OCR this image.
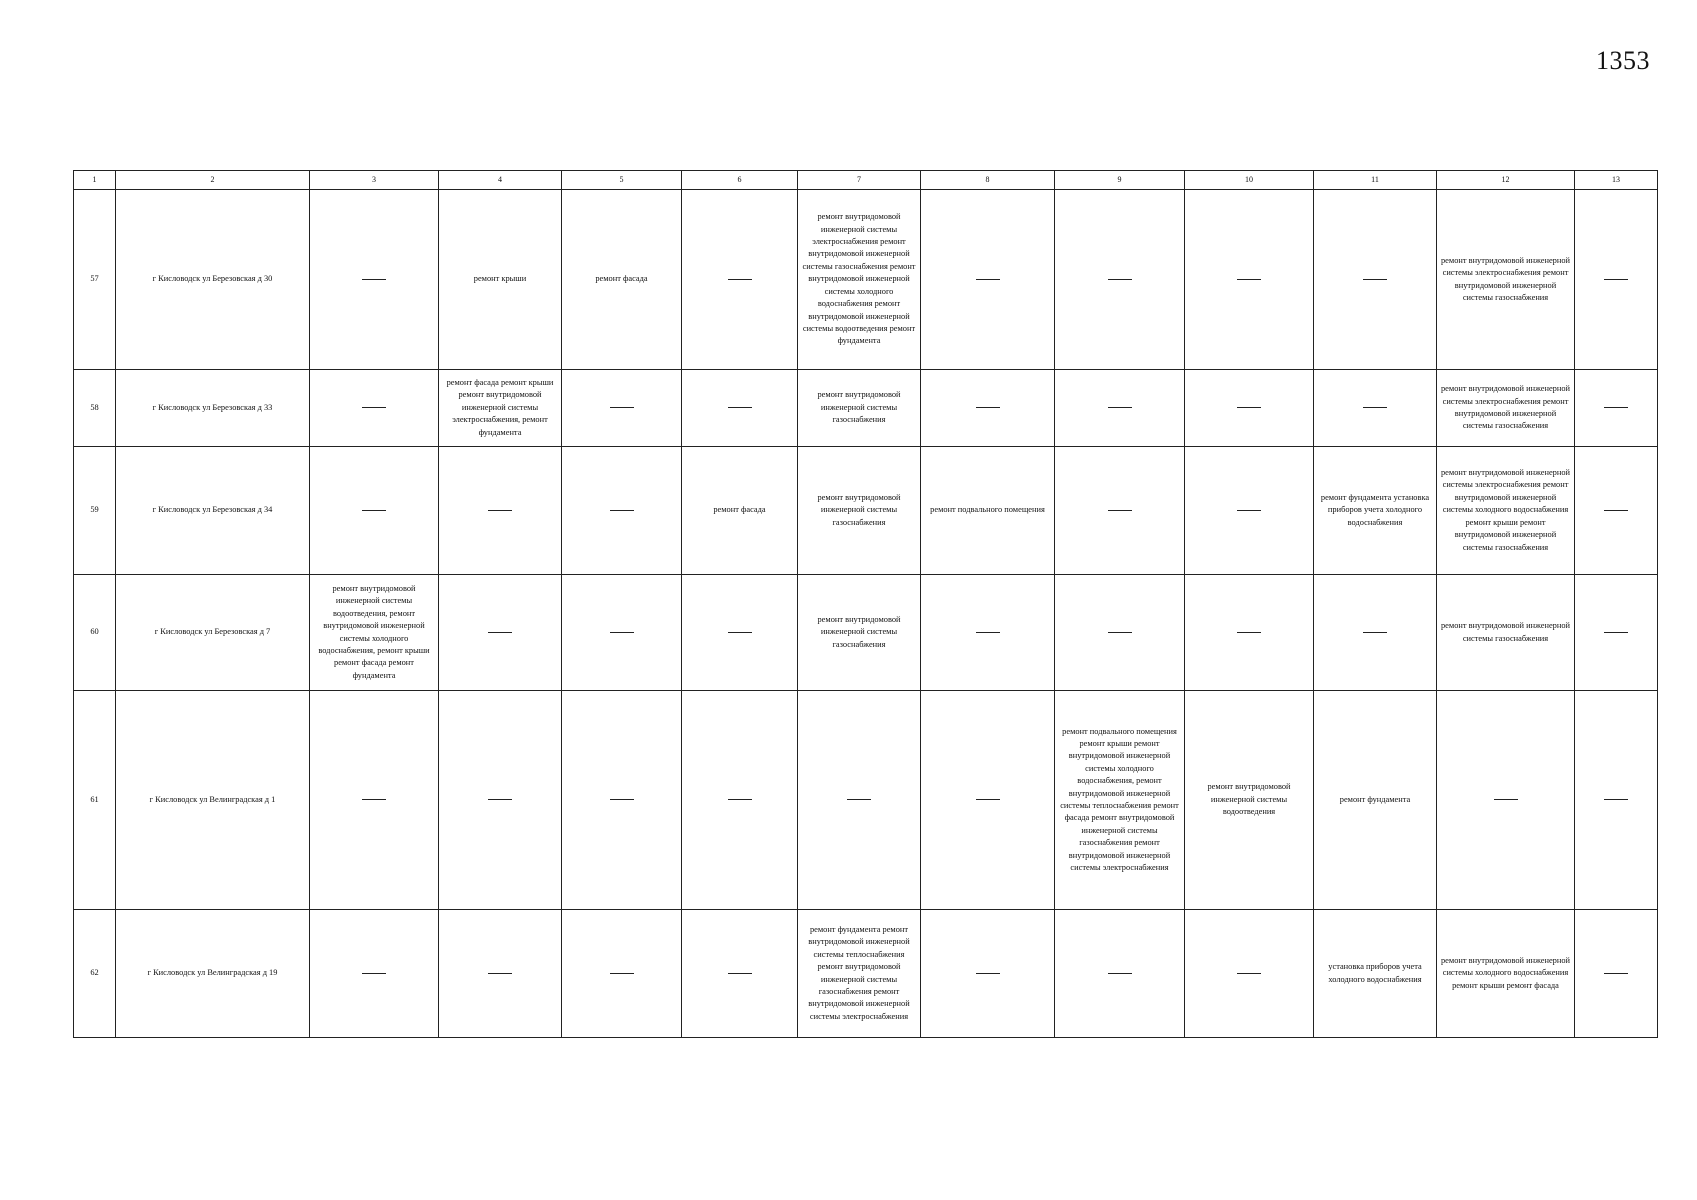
1353
1	2	3	4	5	6	7	8	9	10	11	12	13
57	г Кисловодск ул Березовская д 30		ремонт крыши	ремонт фасада		ремонт внутридомовой инженерной системы электроснабжения ремонт внутридомовой инженерной системы газоснабжения ремонт внутридомовой инженерной системы холодного водоснабжения ремонт внутридомовой инженерной системы водоотведения ремонт фундамента					ремонт внутридомовой инженерной системы электроснабжения ремонт внутридомовой инженерной системы газоснабжения	
58	г Кисловодск ул Березовская д 33		ремонт фасада ремонт крыши ремонт внутридомовой инженерной системы электроснабжения, ремонт фундамента			ремонт внутридомовой инженерной системы газоснабжения					ремонт внутридомовой инженерной системы электроснабжения ремонт внутридомовой инженерной системы газоснабжения	
59	г Кисловодск ул Березовская д 34				ремонт фасада	ремонт внутридомовой инженерной системы газоснабжения	ремонт подвального помещения			ремонт фундамента установка приборов учета холодного водоснабжения	ремонт внутридомовой инженерной системы электроснабжения ремонт внутридомовой инженерной системы холодного водоснабжения ремонт крыши ремонт внутридомовой инженерной системы газоснабжения	
60	г Кисловодск ул Березовская д 7	ремонт внутридомовой инженерной системы водоотведения, ремонт внутридомовой инженерной системы холодного водоснабжения, ремонт крыши ремонт фасада ремонт фундамента				ремонт внутридомовой инженерной системы газоснабжения					ремонт внутридомовой инженерной системы газоснабжения	
61	г Кисловодск ул Велинградская д 1							ремонт подвального помещения ремонт крыши ремонт внутридомовой инженерной системы холодного водоснабжения, ремонт внутридомовой инженерной системы теплоснабжения ремонт фасада ремонт внутридомовой инженерной системы газоснабжения ремонт внутридомовой инженерной системы электроснабжения	ремонт внутридомовой инженерной системы водоотведения	ремонт фундамента		
62	г Кисловодск ул Велинградская д 19					ремонт фундамента ремонт внутридомовой инженерной системы теплоснабжения ремонт внутридомовой инженерной системы газоснабжения ремонт внутридомовой инженерной системы электроснабжения				установка приборов учета холодного водоснабжения	ремонт внутридомовой инженерной системы холодного водоснабжения ремонт крыши ремонт фасада	
